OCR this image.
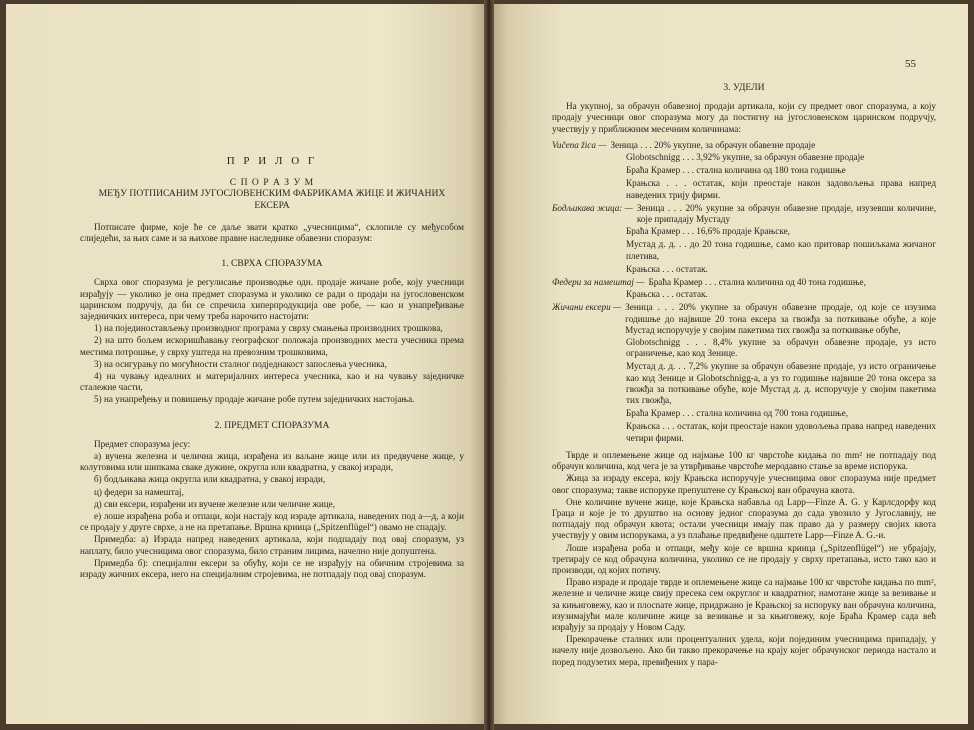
П Р И Л О Г
С П О Р А З У М
МЕЂУ ПОТПИСАНИМ ЈУГОСЛОВЕНСКИМ ФАБРИКАМА ЖИЦЕ И ЖИЧАНИХ ЕКСЕРА

Потписате фирме, које ће се даље звати кратко „учесницима“, склопиле су међусобом слиједећи, за њих саме и за њихове правне наследнике обавезни споразум:

1. СВРХА СПОРАЗУМА

Сврха овог споразума је регулисање производње одн. продаје жичане робе, коју учесници израђују — уколико је она предмет споразума и уколико се ради о продаји на југословенском царинском подручју, да би се спречила хиперпродукција ове робе, — као и унапређивање заједничких интереса, при чему треба нарочито настојати:

1) на појединостављењу производног програма у сврху смањења производних трошкова,

2) на што бољем искоришћавању географског положаја производних места учесника према местима потрошње, у сврху уштеда на превозним трошковима,

3) на осигурању по могућности сталног подједнакост запослења учесника,

4) на чувању идеалних и материјалних интереса учесника, као и на чувању заједничке сталежне части,

5) на унапређењу и повишењу продаје жичане робе путем заједничких настојања.

2. ПРЕДМЕТ СПОРАЗУМА

Предмет споразума јесу:

а) вучена железна и челична жица, израђена из ваљане жице или из предвучене жице, у колутовима или шипкама сваке дужине, округла или квадратна, у свакој изради,

б) бодљикава жица округла или квадратна, у свакој изради,

ц) федери за намештај,

д) сви ексери, израђени из вучене железне или челичне жице,

е) лоше израђена роба и отпаци, који настају код израде артикала, наведених под а—д, а који се продају у друге сврхе, а не на претапање. Вршна криица („Spitzenflügel“) овамо не спадају.

Примедба: а) Израда напред наведених артикала, који подпадају под овај споразум, уз наплату, било учесницима овог споразума, било страним лицима, начелно није допуштена.

Примедба б): специјални ексери за обућу, који се не израђују на обичним стројевима за израду жичних ексера, него на специјалним стројевима, не потпадају под овај споразум.

55
3. УДЕЛИ

На укупној, за обрачун обавезној продаји артикала, који су предмет овог споразума, а коју продају учесници овог споразума могу да постигну на југословенском царинском подручју, учествују у приближним месечним количинама:

Vučena žica — Зеница . . . 20% укупне, за обрачун обавезне продаје
Globotschnigg . . . 3,92% укупне, за обрачун обавезне продаје
Браћа Крамер . . . стална количина од 180 тона годишње
Крањска . . . остатак, који преостаје након задовољења права напред наведених трију фирми.
Бодљикава жица: — Зеница . . . 20% укупне за обрачун обавезне продаје, изузевши количине, које припадају Мустаду
Браћа Крамер . . . 16,6% продаје Крањске,
Мустад д. д. . . до 20 тона годишње, само као притовар пошиљкама жичаног плетива,
Крањска . . . остатак.
Федери за намештај — Браћа Крамер . . . стална количина од 40 тона годишње,
Крањска . . . остатак.
Жичани ексери — Зеница . . . 20% укупне за обрачун обавезне продаје, од које се изузима годишње до највише 20 тона ексера за гвожђа за поткивање обуће, а које Мустад испоручује у својим пакетима тих гвожђа за поткивање обуће,
Globotschnigg . . . 8,4% укупне за обрачун обавезне продаје, уз исто ограничење, као код Зенице.
Мустад д. д. . . 7,2% укупне за обрачун обавезне продаје, уз исто ограничење као код Зенице и Globotschnigg-а, а уз то годишње највише 20 тона оксера за гвожђа за поткивање обуће, које Мустад д. д. испоручује у својим пакетима тих гвожђа,
Браћа Крамер . . . стална количина од 700 тона годишње,
Крањска . . . остатак, који преостаје након удовољења права напред наведених четири фирми.

Тврде и оплемењене жице од најмање 100 кг чврстоће кидања по mm² не потпадају под обрачун количина, код чега је за утврђивање чврстоће меродавно стање за време испорука.

Жица за израду ексера, коју Крањска испоручује учесницима овог споразума није предмет овог споразума; такве испоруке препуштене су Крањској ван обрачуна квота.

Оне количине вучене жице, које Крањска набавља од Lapp—Finze A. G. у Карлсдорфу код Граца и које је то друштво на основу једног споразума до сада увозило у Југославију, не потпадају под обрачун квота; остали учесници имају пак право да у размеру својих квота учествују у овим испорукама, а уз плаћање предвиђене одштете Lapp—Finze A. G.-и.

Лоше израђена роба и отпаци, међу које се вршна криица („Spitzenflügel“) не убрајају, третирају се код обрачуна количина, уколико се не продају у сврху претапања, исто тако као и производи, од којих потичу.

Право израде и продаје тврде и оплемењене жице са најмање 100 кг чврстоће кидања по mm², железне и челичне жице свију пресека сем округлог и квадратног, намотане жице за везивање и за кињиговежу, као и плосnaте жице, придржано је Крањској за испоруку ван обрачуна количина, изузимајући мале количине жице за везивање и за књиговежу, које Браћа Крамер сада већ израђују за продају у Новом Саду.

Прекорачење сталних или процентуалних удела, који појединим учесницима припадају, у начелу није дозвољено. Ако би такво прекорачење на крају којег обрачунског периода настало и поред подузетих мера, превиђених у пара-
